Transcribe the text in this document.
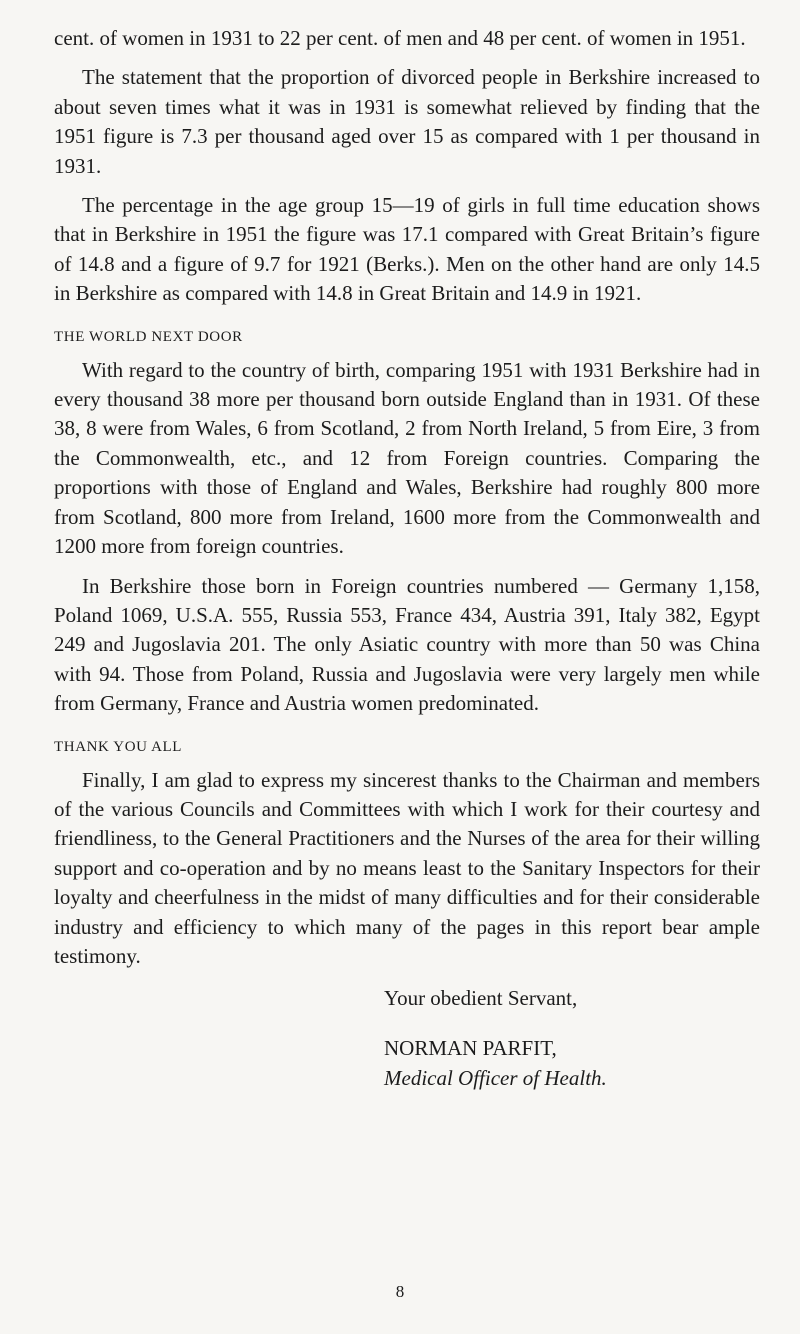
cent. of women in 1931 to 22 per cent. of men and 48 per cent. of women in 1951.

The statement that the proportion of divorced people in Berkshire increased to about seven times what it was in 1931 is somewhat relieved by finding that the 1951 figure is 7.3 per thousand aged over 15 as compared with 1 per thousand in 1931.

The percentage in the age group 15—19 of girls in full time education shows that in Berkshire in 1951 the figure was 17.1 compared with Great Britain’s figure of 14.8 and a figure of 9.7 for 1921 (Berks.). Men on the other hand are only 14.5 in Berkshire as compared with 14.8 in Great Britain and 14.9 in 1921.

THE WORLD NEXT DOOR

With regard to the country of birth, comparing 1951 with 1931 Berkshire had in every thousand 38 more per thousand born outside England than in 1931. Of these 38, 8 were from Wales, 6 from Scotland, 2 from North Ireland, 5 from Eire, 3 from the Commonwealth, etc., and 12 from Foreign countries. Comparing the proportions with those of England and Wales, Berkshire had roughly 800 more from Scotland, 800 more from Ireland, 1600 more from the Commonwealth and 1200 more from foreign countries.

In Berkshire those born in Foreign countries numbered — Germany 1,158, Poland 1069, U.S.A. 555, Russia 553, France 434, Austria 391, Italy 382, Egypt 249 and Jugoslavia 201. The only Asiatic country with more than 50 was China with 94. Those from Poland, Russia and Jugoslavia were very largely men while from Germany, France and Austria women predominated.

THANK YOU ALL

Finally, I am glad to express my sincerest thanks to the Chairman and members of the various Councils and Committees with which I work for their courtesy and friendliness, to the General Practitioners and the Nurses of the area for their willing support and co-operation and by no means least to the Sanitary Inspectors for their loyalty and cheerfulness in the midst of many difficulties and for their considerable industry and efficiency to which many of the pages in this report bear ample testimony.

Your obedient Servant,
NORMAN PARFIT,
Medical Officer of Health.
8
